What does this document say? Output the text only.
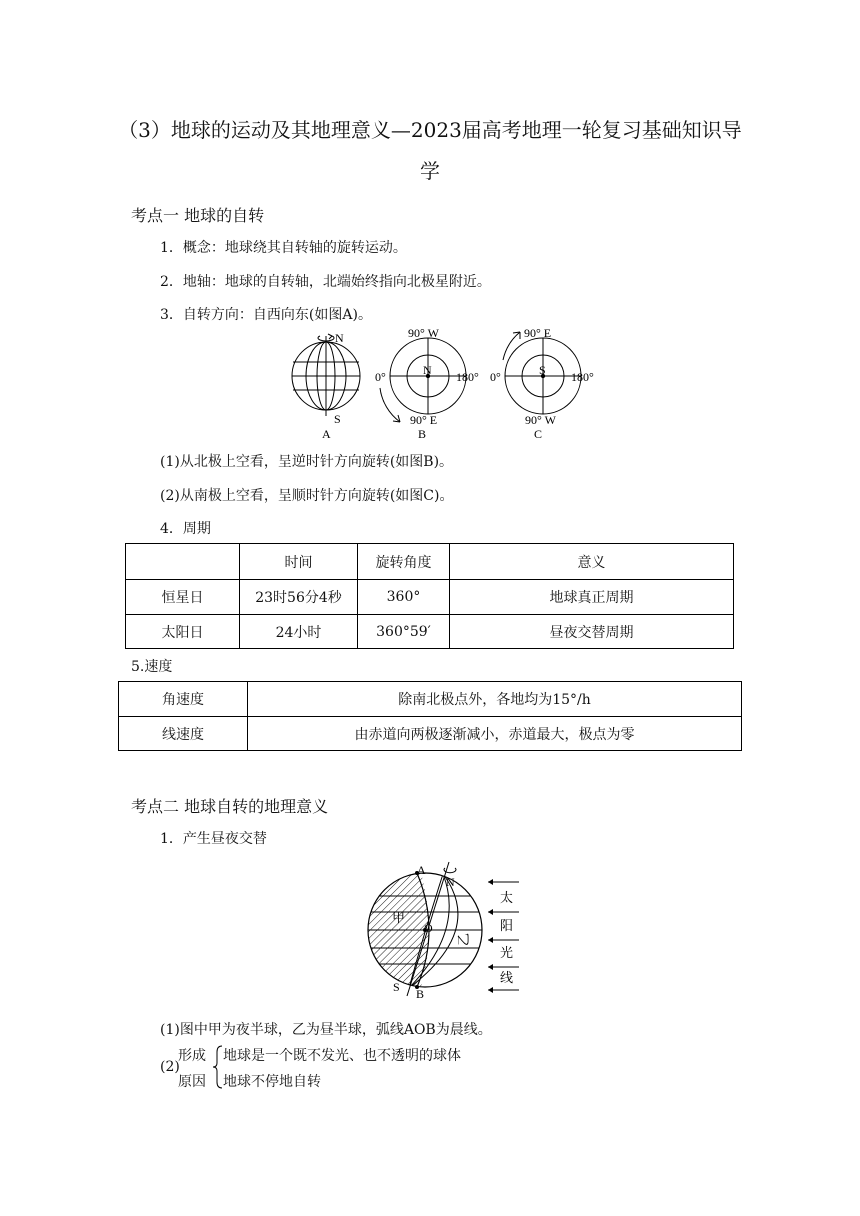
（3）地球的运动及其地理意义—2023届高考地理一轮复习基础知识导
学
考点一 地球的自转
1．概念：地球绕其自转轴的旋转运动。
2．地轴：地球的自转轴，北端始终指向北极星附近。
3．自转方向：自西向东(如图A)。
N
S
A
90° W
0°	180°
N
90° E
B
90° E
0°	180°
S
90° W
C
(1)从北极上空看，呈逆时针方向旋转(如图B)。
(2)从南极上空看，呈顺时针方向旋转(如图C)。
4．周期
	时间	旋转角度	意义
恒星日	23时56分4秒	360°	地球真正周期
太阳日	24小时	360°59′	昼夜交替周期
5.速度
角速度	除南北极点外，各地均为15°/h
线速度	由赤道向两极逐渐减小，赤道最大，极点为零
考点二 地球自转的地理意义
1．产生昼夜交替
A
N
O
S B
甲
乙
太
阳
光
线
(1)图中甲为夜半球，乙为昼半球，弧线AOB为晨线。
(2)
形成
原因
地球是一个既不发光、也不透明的球体
地球不停地自转
